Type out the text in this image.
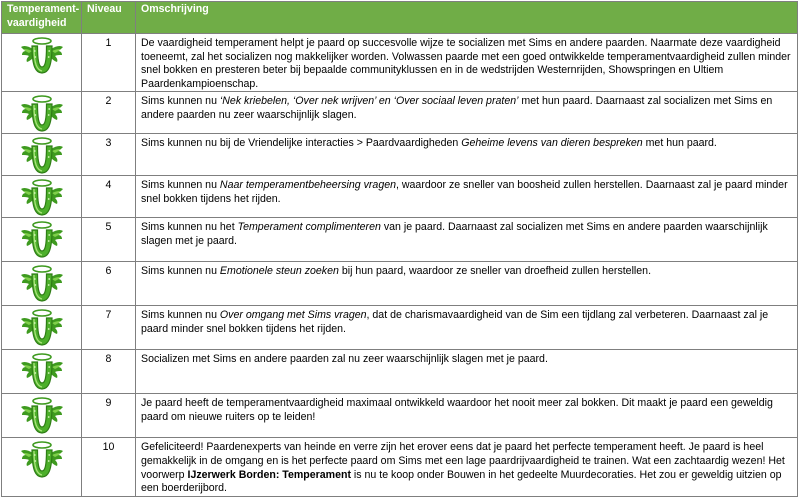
Temperament-vaardigheid	Niveau	Omschrijving

	1	De vaardigheid temperament helpt je paard op succesvolle wijze te socializen met Sims en andere paarden. Naarmate deze vaardigheid toeneemt, zal het socializen nog makkelijker worden. Volwassen paarde met een goed ontwikkelde temperamentvaardigheid zullen minder snel bokken en presteren beter bij bepaalde communityklussen en in de wedstrijden Westernrijden, Showspringen en Ultiem Paardenkampioenschap.

	2	Sims kunnen nu ‘Nek kriebelen, ‘Over nek wrijven’ en ‘Over sociaal leven praten’ met hun paard. Daarnaast zal socializen met Sims en andere paarden nu zeer waarschijnlijk slagen.

	3	Sims kunnen nu bij de Vriendelijke interacties > Paardvaardigheden Geheime levens van dieren bespreken met hun paard.

	4	Sims kunnen nu Naar temperamentbeheersing vragen, waardoor ze sneller van boosheid zullen herstellen. Daarnaast zal je paard minder snel bokken tijdens het rijden.

	5	Sims kunnen nu het Temperament complimenteren van je paard. Daarnaast zal socializen met Sims en andere paarden waarschijnlijk slagen met je paard.

	6	Sims kunnen nu Emotionele steun zoeken bij hun paard, waardoor ze sneller van droefheid zullen herstellen.

	7	Sims kunnen nu Over omgang met Sims vragen, dat de charismavaardigheid van de Sim een tijdlang zal verbeteren. Daarnaast zal je paard minder snel bokken tijdens het rijden.

	8	Socializen met Sims en andere paarden zal nu zeer waarschijnlijk slagen met je paard.

	9	Je paard heeft de temperamentvaardigheid maximaal ontwikkeld waardoor het nooit meer zal bokken. Dit maakt je paard een geweldig paard om nieuwe ruiters op te leiden!

	10	Gefeliciteerd! Paardenexperts van heinde en verre zijn het erover eens dat je paard het perfecte temperament heeft. Je paard is heel gemakkelijk in de omgang en is het perfecte paard om Sims met een lage paardrijvaardigheid te trainen. Wat een zachtaardig wezen! Het voorwerp IJzerwerk Borden: Temperament is nu te koop onder Bouwen in het gedeelte Muurdecoraties. Het zou er geweldig uitzien op een boerderijbord.
